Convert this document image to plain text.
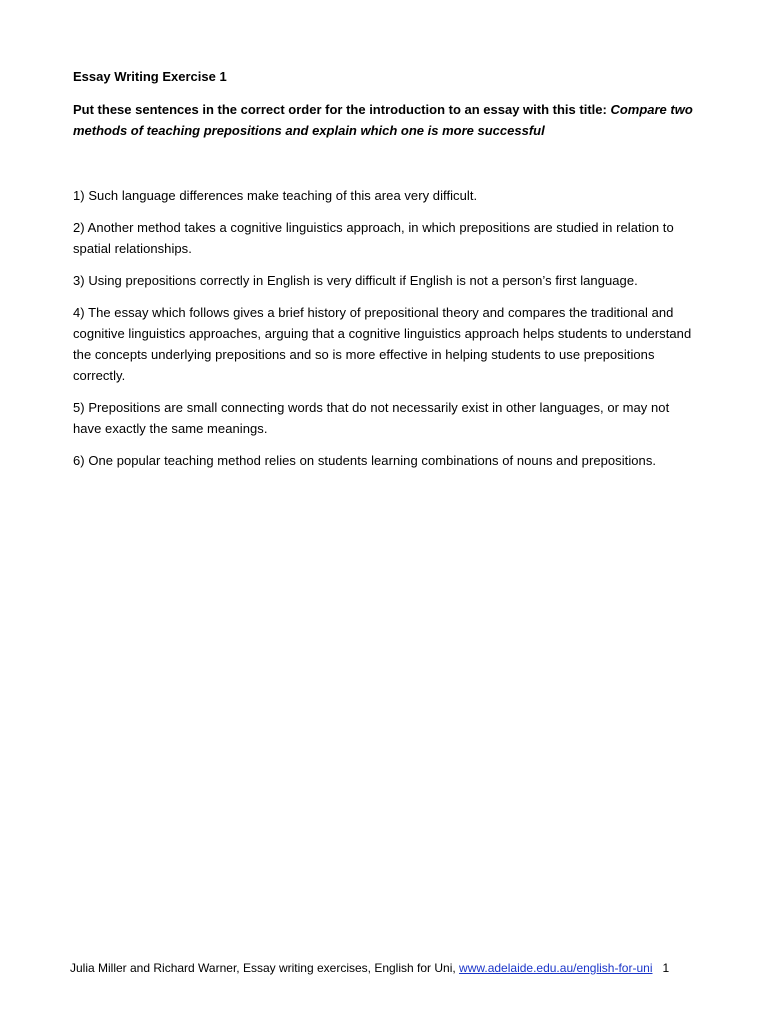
Essay Writing Exercise 1

Put these sentences in the correct order for the introduction to an essay with this title: Compare two methods of teaching prepositions and explain which one is more successful

1) Such language differences make teaching of this area very difficult.

2) Another method takes a cognitive linguistics approach, in which prepositions are studied in relation to spatial relationships.

3) Using prepositions correctly in English is very difficult if English is not a person’s first language.

4) The essay which follows gives a brief history of prepositional theory and compares the traditional and cognitive linguistics approaches, arguing that a cognitive linguistics approach helps students to understand the concepts underlying prepositions and so is more effective in helping students to use prepositions correctly.

5) Prepositions are small connecting words that do not necessarily exist in other languages, or may not have exactly the same meanings.

6) One popular teaching method relies on students learning combinations of nouns and prepositions.

Julia Miller and Richard Warner, Essay writing exercises, English for Uni, www.adelaide.edu.au/english-for-uni 1
